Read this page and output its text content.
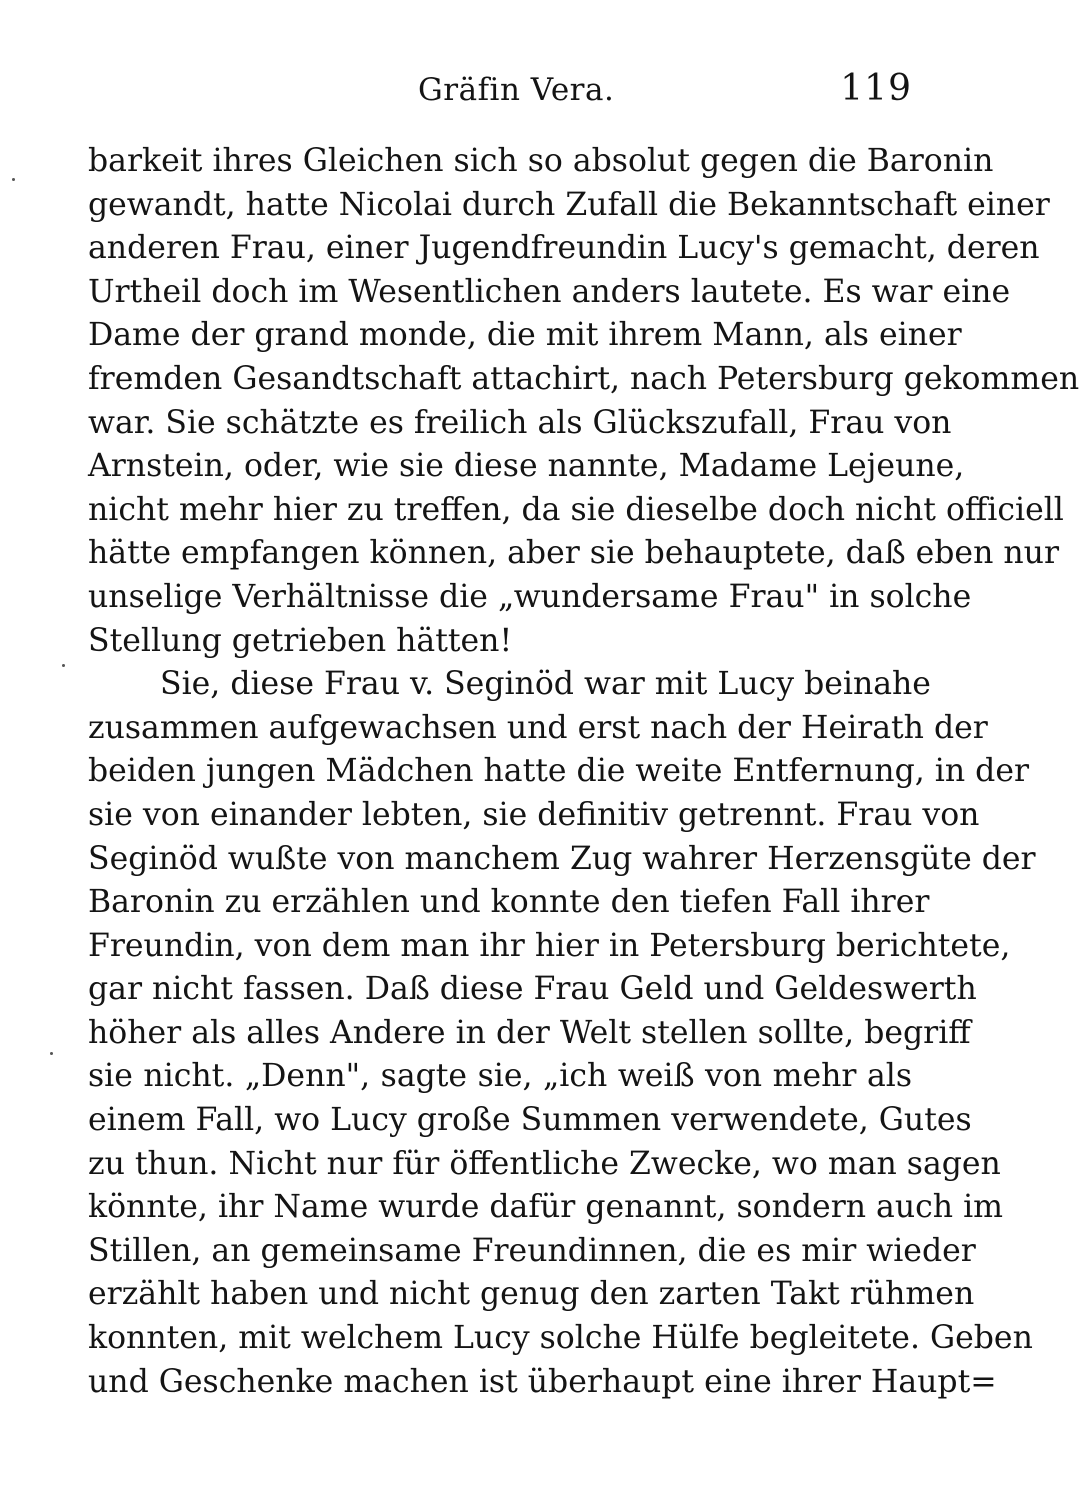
Gräfin Vera.	119
barkeit ihres Gleichen sich so absolut gegen die Baronin
gewandt, hatte Nicolai durch Zufall die Bekanntschaft einer
anderen Frau, einer Jugendfreundin Lucy's gemacht, deren
Urtheil doch im Wesentlichen anders lautete. Es war eine
Dame der grand monde, die mit ihrem Mann, als einer
fremden Gesandtschaft attachirt, nach Petersburg gekommen
war. Sie schätzte es freilich als Glückszufall, Frau von
Arnstein, oder, wie sie diese nannte, Madame Lejeune,
nicht mehr hier zu treffen, da sie dieselbe doch nicht officiell
hätte empfangen können, aber sie behauptete, daß eben nur
unselige Verhältnisse die „wundersame Frau" in solche
Stellung getrieben hätten!
Sie, diese Frau v. Seginöd war mit Lucy beinahe
zusammen aufgewachsen und erst nach der Heirath der
beiden jungen Mädchen hatte die weite Entfernung, in der
sie von einander lebten, sie definitiv getrennt. Frau von
Seginöd wußte von manchem Zug wahrer Herzensgüte der
Baronin zu erzählen und konnte den tiefen Fall ihrer
Freundin, von dem man ihr hier in Petersburg berichtete,
gar nicht fassen. Daß diese Frau Geld und Geldeswerth
höher als alles Andere in der Welt stellen sollte, begriff
sie nicht. „Denn", sagte sie, „ich weiß von mehr als
einem Fall, wo Lucy große Summen verwendete, Gutes
zu thun. Nicht nur für öffentliche Zwecke, wo man sagen
könnte, ihr Name wurde dafür genannt, sondern auch im
Stillen, an gemeinsame Freundinnen, die es mir wieder
erzählt haben und nicht genug den zarten Takt rühmen
konnten, mit welchem Lucy solche Hülfe begleitete. Geben
und Geschenke machen ist überhaupt eine ihrer Haupt=
